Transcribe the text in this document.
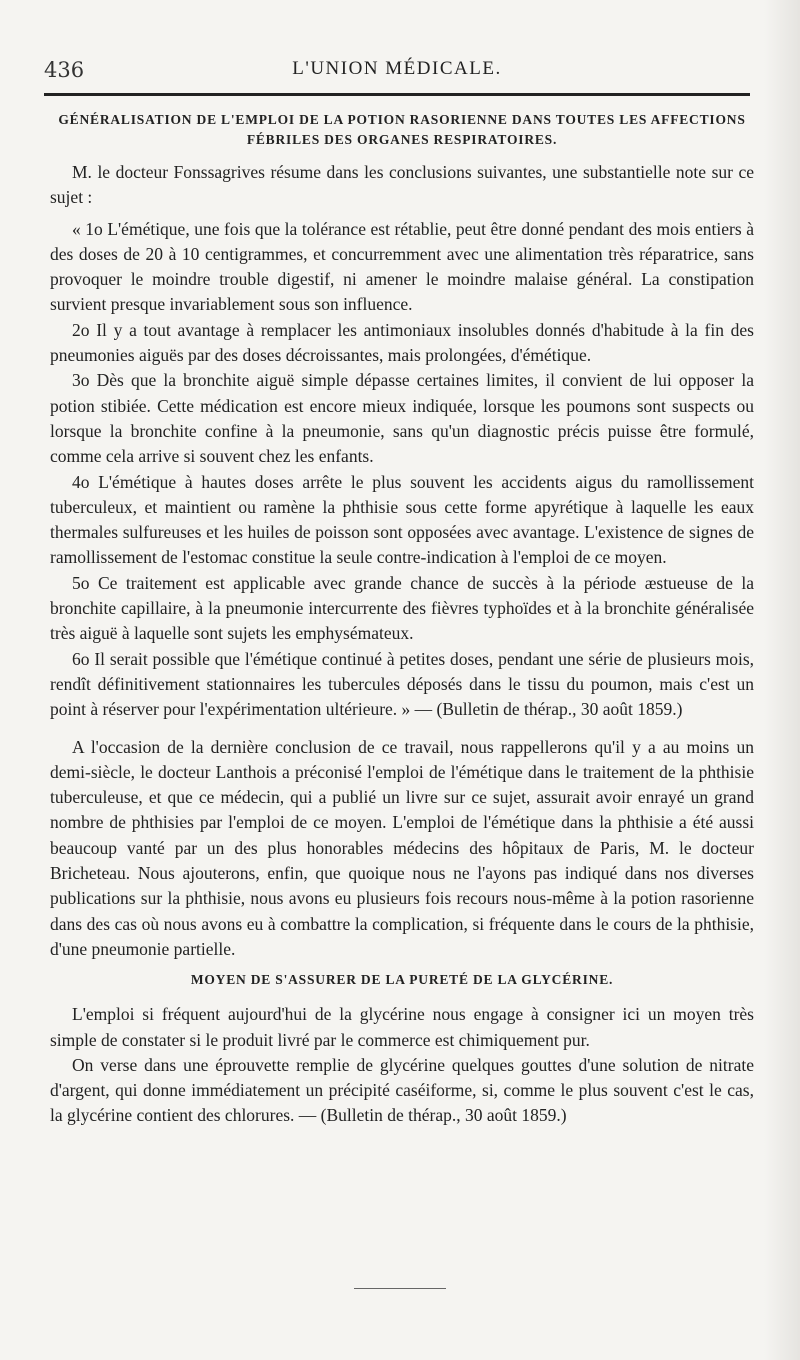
436	L'UNION MÉDICALE.
GÉNÉRALISATION DE L'EMPLOI DE LA POTION RASORIENNE DANS TOUTES LES AFFECTIONS
FÉBRILES DES ORGANES RESPIRATOIRES.

M. le docteur Fonssagrives résume dans les conclusions suivantes, une substantielle note sur ce sujet :

« 1o L'émétique, une fois que la tolérance est rétablie, peut être donné pendant des mois entiers à des doses de 20 à 10 centigrammes, et concurremment avec une alimentation très réparatrice, sans provoquer le moindre trouble digestif, ni amener le moindre malaise général. La constipation survient presque invariablement sous son influence.

2o Il y a tout avantage à remplacer les antimoniaux insolubles donnés d'habitude à la fin des pneumonies aiguës par des doses décroissantes, mais prolongées, d'émétique.

3o Dès que la bronchite aiguë simple dépasse certaines limites, il convient de lui opposer la potion stibiée. Cette médication est encore mieux indiquée, lorsque les poumons sont suspects ou lorsque la bronchite confine à la pneumonie, sans qu'un diagnostic précis puisse être formulé, comme cela arrive si souvent chez les enfants.

4o L'émétique à hautes doses arrête le plus souvent les accidents aigus du ramollissement tuberculeux, et maintient ou ramène la phthisie sous cette forme apyrétique à laquelle les eaux thermales sulfureuses et les huiles de poisson sont opposées avec avantage. L'existence de signes de ramollissement de l'estomac constitue la seule contre-indication à l'emploi de ce moyen.

5o Ce traitement est applicable avec grande chance de succès à la période æstueuse de la bronchite capillaire, à la pneumonie intercurrente des fièvres typhoïdes et à la bronchite généralisée très aiguë à laquelle sont sujets les emphysémateux.

6o Il serait possible que l'émétique continué à petites doses, pendant une série de plusieurs mois, rendît définitivement stationnaires les tubercules déposés dans le tissu du poumon, mais c'est un point à réserver pour l'expérimentation ultérieure. » — (Bulletin de thérap., 30 août 1859.)

A l'occasion de la dernière conclusion de ce travail, nous rappellerons qu'il y a au moins un demi-siècle, le docteur Lanthois a préconisé l'emploi de l'émétique dans le traitement de la phthisie tuberculeuse, et que ce médecin, qui a publié un livre sur ce sujet, assurait avoir enrayé un grand nombre de phthisies par l'emploi de ce moyen. L'emploi de l'émétique dans la phthisie a été aussi beaucoup vanté par un des plus honorables médecins des hôpitaux de Paris, M. le docteur Bricheteau. Nous ajouterons, enfin, que quoique nous ne l'ayons pas indiqué dans nos diverses publications sur la phthisie, nous avons eu plusieurs fois recours nous-même à la potion rasorienne dans des cas où nous avons eu à combattre la complication, si fréquente dans le cours de la phthisie, d'une pneumonie partielle.

MOYEN DE S'ASSURER DE LA PURETÉ DE LA GLYCÉRINE.

L'emploi si fréquent aujourd'hui de la glycérine nous engage à consigner ici un moyen très simple de constater si le produit livré par le commerce est chimiquement pur.

On verse dans une éprouvette remplie de glycérine quelques gouttes d'une solution de nitrate d'argent, qui donne immédiatement un précipité caséiforme, si, comme le plus souvent c'est le cas, la glycérine contient des chlorures. — (Bulletin de thérap., 30 août 1859.)
